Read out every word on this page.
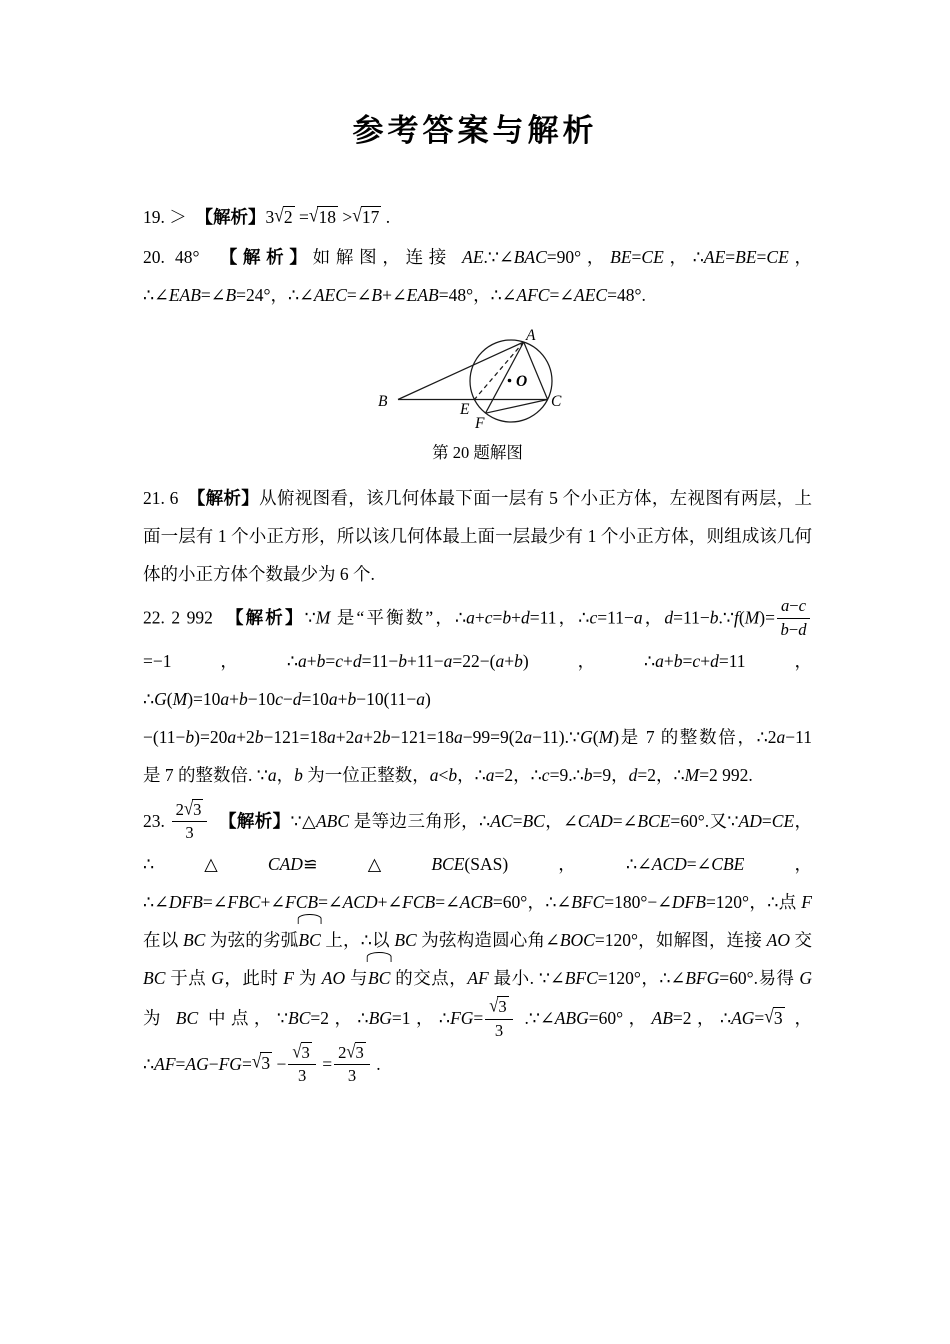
参考答案与解析
19. ＞　 【解析】3√2 =√18 >√17 .
20. 48°　 【解析】如解图，连接 AE.∵∠BAC=90°，BE=CE，∴AE=BE=CE，∴∠EAB=∠B=24°，∴∠AEC=∠B+∠EAB=48°，∴∠AFC=∠AEC=48°.
A
B	C
E
F
O
第 20 题解图
21. 6　 【解析】从俯视图看，该几何体最下面一层有 5 个小正方体，左视图有两层，上面一层有 1 个小正方形，所以该几何体最上面一层最少有 1 个小正方体，则组成该几何体的小正方体个数最少为 6 个.
22. 2 992　 【解析】∵M 是“平衡数”，∴a+c=b+d=11，∴c=11−a，d=11−b.∵f(M)= $\frac{a-c}{b-d}$
=−1，∴a+b=c+d=11−b+11−a=22−(a+b)，∴a+b=c+d=11，∴G(M)=10a+b−10c−d=10a+b−10(11−a)−(11−b)=20a+2b−121=18a+2a+2b−121=18a−99=9(2a−11).∵G(M)是 7 的整数倍，∴2a−11 是 7 的整数倍. ∵a，b 为一位正整数，a<b，∴a=2，∴c=9.∴b=9，d=2，∴M=2 992.
23. $\frac{2√3}{3}$
　 【解析】∵△ABC 是等边三角形，∴AC=BC，∠CAD=∠BCE=60°.又∵AD=CE，∴△CAD≌△BCE(SAS)，∴∠ACD=∠CBE，∴∠DFB=∠FBC+∠FCB=∠ACD+∠FCB=∠ACB=60°，∴∠BFC=180°−∠DFB=120°，∴点 F 在以 BC 为弦的劣弧BC 上，∴以 BC 为弦构造圆心角∠BOC=120°，如解图，连接 AO 交 BC 于点 G，此时 F 为 AO 与BC 的交点，AF 最小. ∵∠BFC=120°，∴∠BFG=60°.易得 G 为 BC 中点，∵BC=2，∴BG=1，∴FG= $\frac{√3}{3}$ .∵∠ABG=60°，AB=2，∴AG=√3 ，∴AF=AG−FG=√3 − $\frac{√3}{3} = \frac{2√3}{3}$ .
